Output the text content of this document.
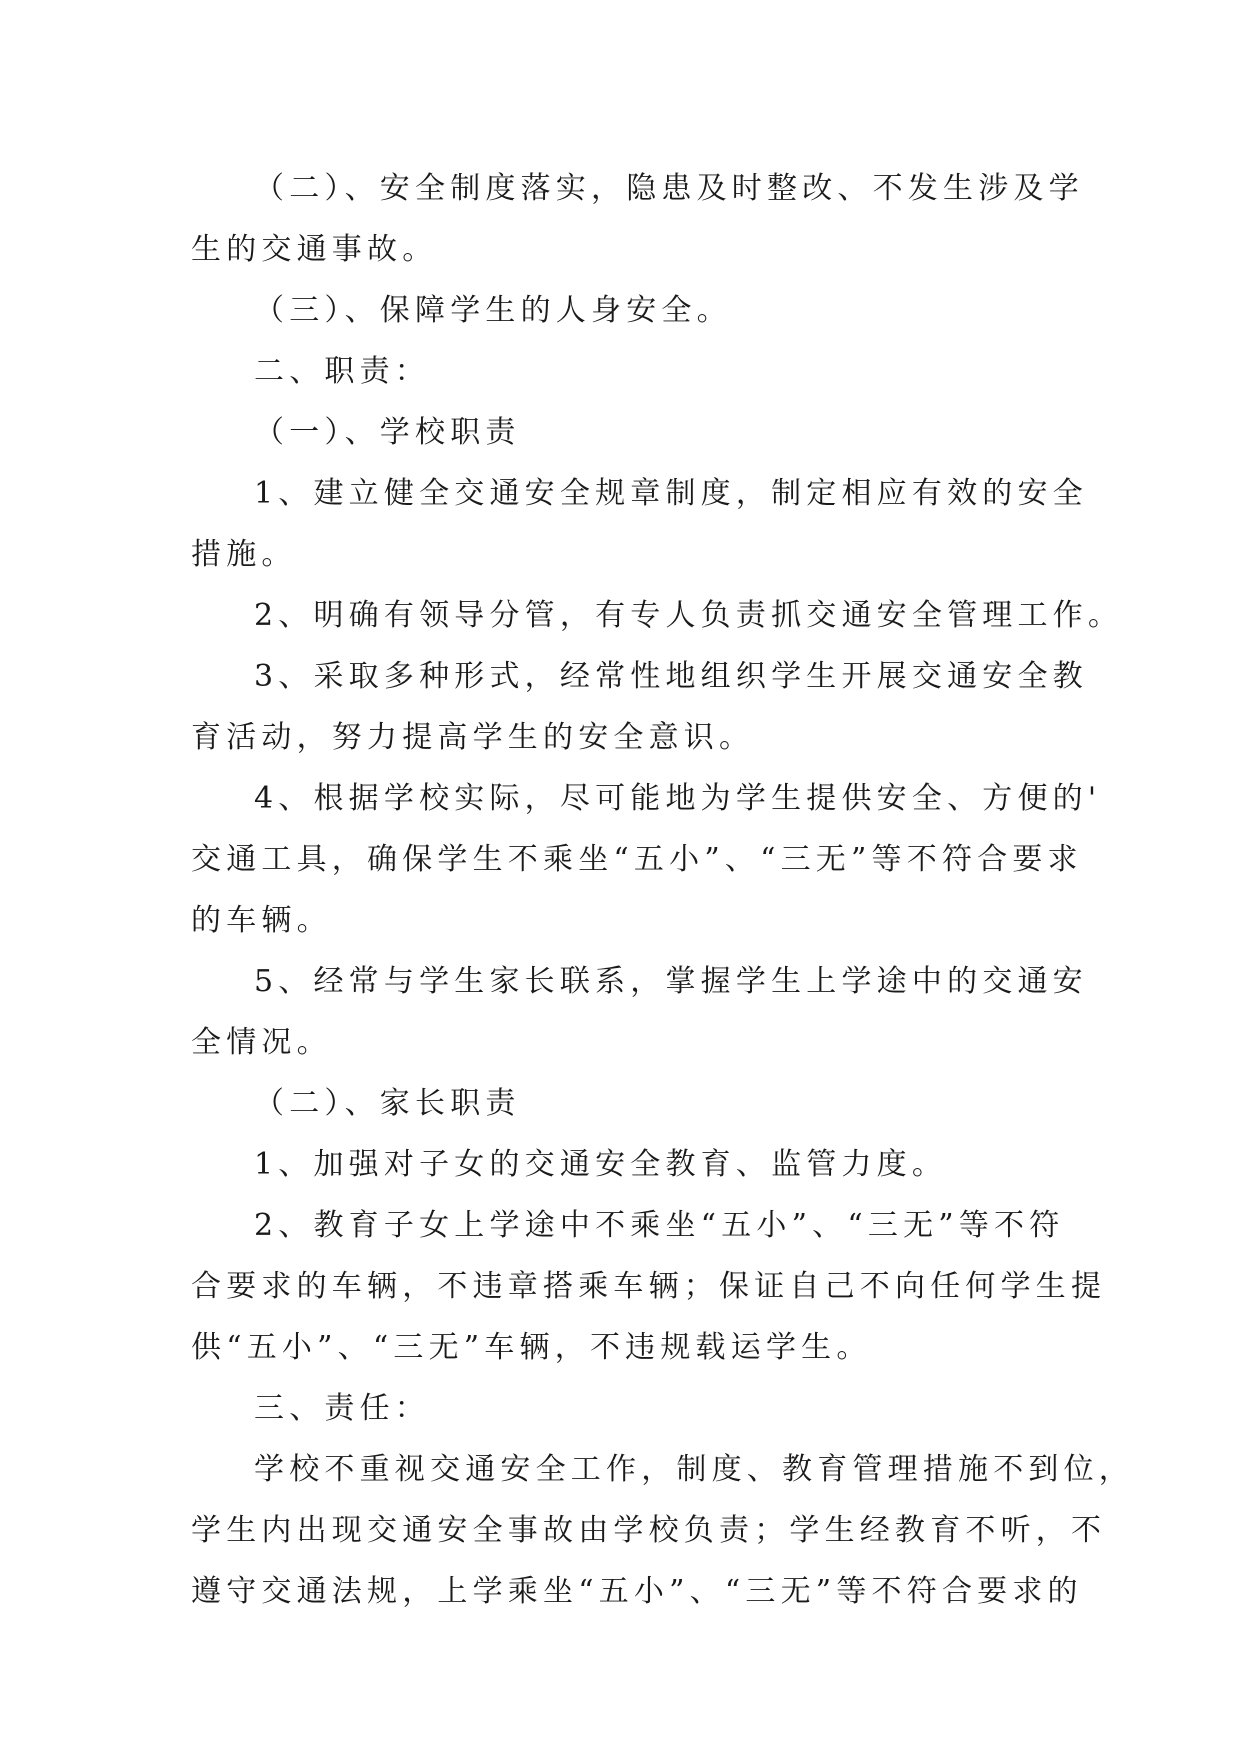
（二）、安全制度落实，隐患及时整改、不发生涉及学
生的交通事故。
（三）、保障学生的人身安全。
二、职责：
（一）、学校职责
1、建立健全交通安全规章制度，制定相应有效的安全
措施。
2、明确有领导分管，有专人负责抓交通安全管理工作。
3、采取多种形式，经常性地组织学生开展交通安全教
育活动，努力提高学生的安全意识。
4、根据学校实际，尽可能地为学生提供安全、方便的'
交通工具，确保学生不乘坐“五小”、“三无”等不符合要求
的车辆。
5、经常与学生家长联系，掌握学生上学途中的交通安
全情况。
（二）、家长职责
1、加强对子女的交通安全教育、监管力度。
2、教育子女上学途中不乘坐“五小”、“三无”等不符
合要求的车辆，不违章搭乘车辆；保证自己不向任何学生提
供“五小”、“三无”车辆，不违规载运学生。
三、责任：
学校不重视交通安全工作，制度、教育管理措施不到位，
学生内出现交通安全事故由学校负责；学生经教育不听，不
遵守交通法规，上学乘坐“五小”、“三无”等不符合要求的
